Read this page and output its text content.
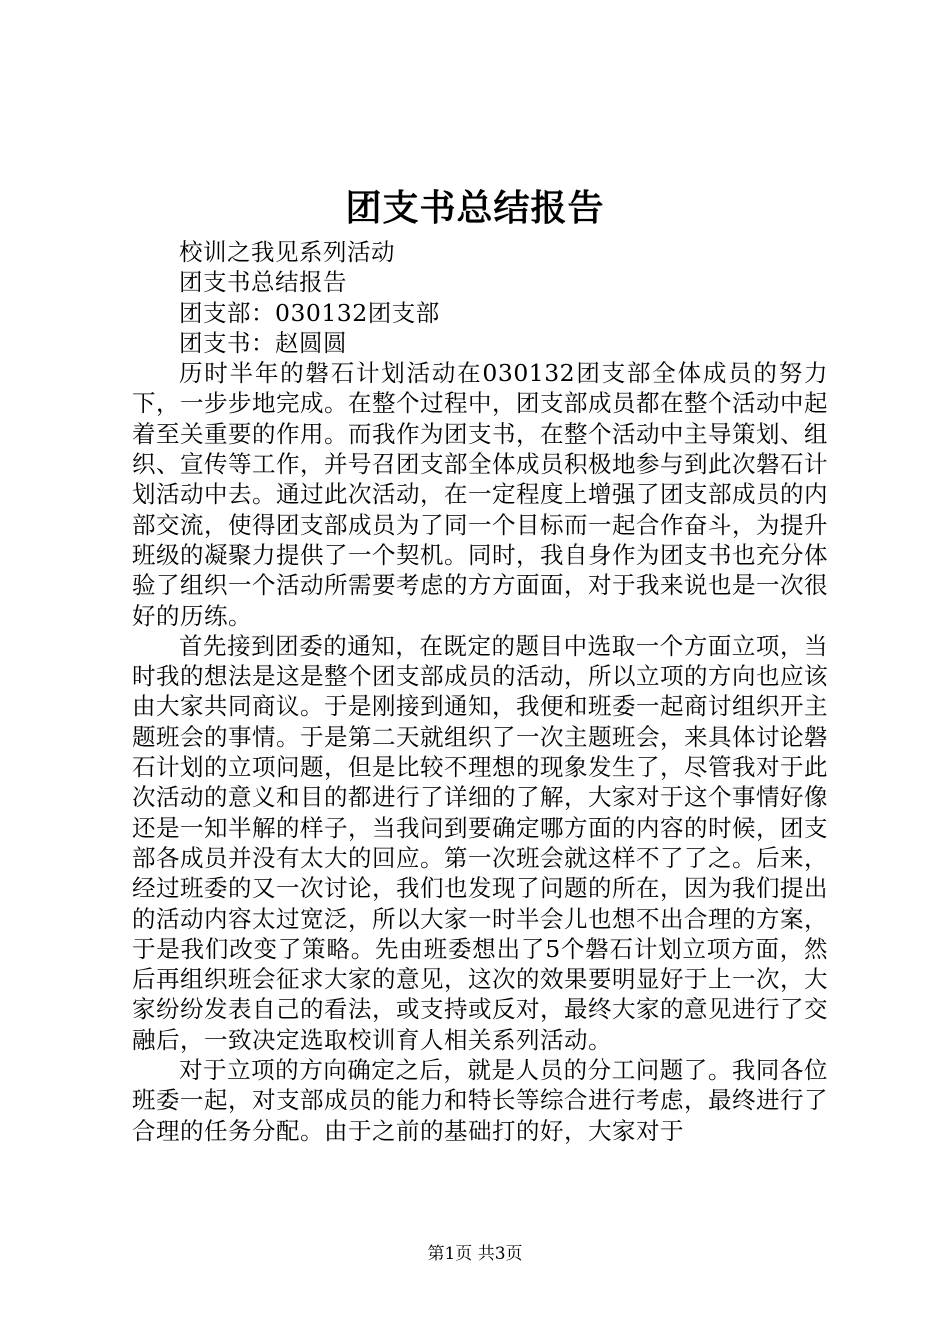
团支书总结报告

校训之我见系列活动

团支书总结报告

团支部：030132团支部

团支书：赵圆圆

历时半年的磐石计划活动在030132团支部全体成员的努力下，一步步地完成。在整个过程中，团支部成员都在整个活动中起着至关重要的作用。而我作为团支书，在整个活动中主导策划、组织、宣传等工作，并号召团支部全体成员积极地参与到此次磐石计划活动中去。通过此次活动，在一定程度上增强了团支部成员的内部交流，使得团支部成员为了同一个目标而一起合作奋斗，为提升班级的凝聚力提供了一个契机。同时，我自身作为团支书也充分体验了组织一个活动所需要考虑的方方面面，对于我来说也是一次很好的历练。

首先接到团委的通知，在既定的题目中选取一个方面立项，当时我的想法是这是整个团支部成员的活动，所以立项的方向也应该由大家共同商议。于是刚接到通知，我便和班委一起商讨组织开主题班会的事情。于是第二天就组织了一次主题班会，来具体讨论磐石计划的立项问题，但是比较不理想的现象发生了，尽管我对于此次活动的意义和目的都进行了详细的了解，大家对于这个事情好像还是一知半解的样子，当我问到要确定哪方面的内容的时候，团支部各成员并没有太大的回应。第一次班会就这样不了了之。后来，经过班委的又一次讨论，我们也发现了问题的所在，因为我们提出的活动内容太过宽泛，所以大家一时半会儿也想不出合理的方案，于是我们改变了策略。先由班委想出了5个磐石计划立项方面，然后再组织班会征求大家的意见，这次的效果要明显好于上一次，大家纷纷发表自己的看法，或支持或反对，最终大家的意见进行了交融后，一致决定选取校训育人相关系列活动。

对于立项的方向确定之后，就是人员的分工问题了。我同各位班委一起，对支部成员的能力和特长等综合进行考虑，最终进行了合理的任务分配。由于之前的基础打的好，大家对于

第1页 共3页
